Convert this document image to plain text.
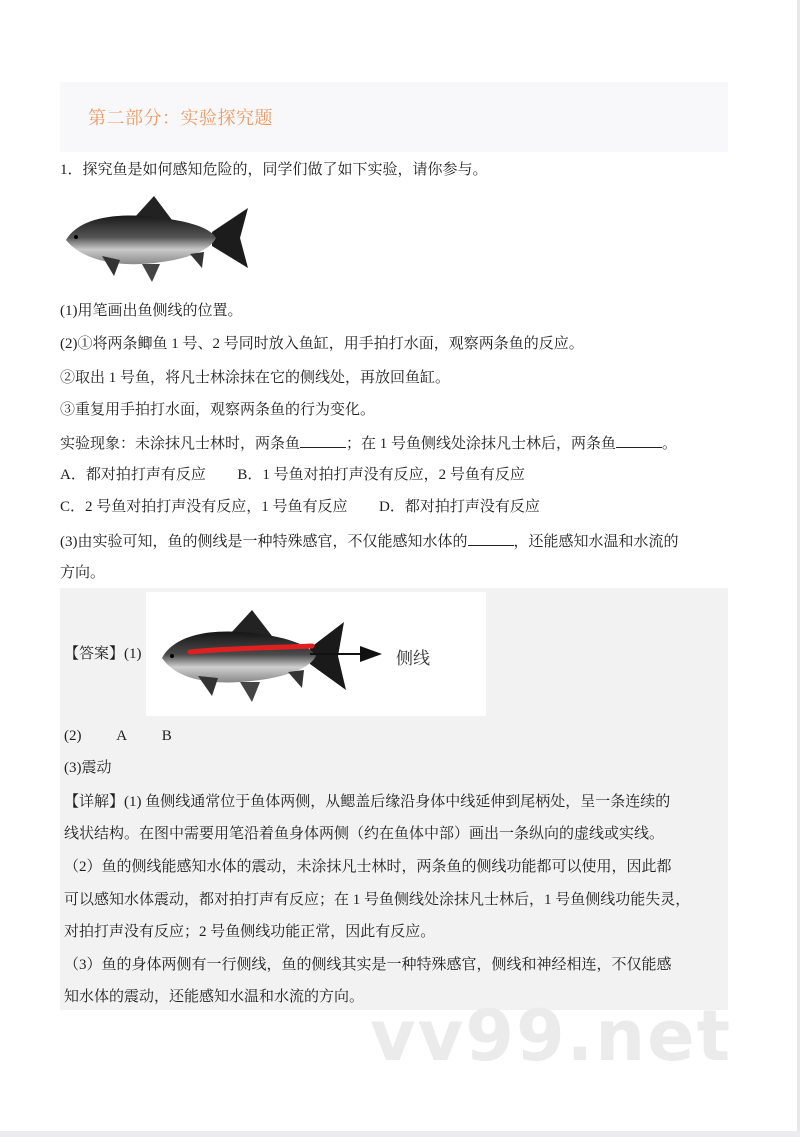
第二部分：实验探究题
1．探究鱼是如何感知危险的，同学们做了如下实验，请你参与。
(1)用笔画出鱼侧线的位置。
(2)①将两条鲫鱼 1 号、2 号同时放入鱼缸，用手拍打水面，观察两条鱼的反应。
②取出 1 号鱼，将凡士林涂抹在它的侧线处，再放回鱼缸。
③重复用手拍打水面，观察两条鱼的行为变化。
实验现象：未涂抹凡士林时，两条鱼	；在 1 号鱼侧线处涂抹凡士林后，两条鱼	。
A．都对拍打声有反应 B．1 号鱼对拍打声没有反应，2 号鱼有反应
C．2 号鱼对拍打声没有反应，1 号鱼有反应 D．都对拍打声没有反应
(3)由实验可知，鱼的侧线是一种特殊感官，不仅能感知水体的	，还能感知水温和水流的
方向。
【答案】(1)	侧线
(2) A B
(3)震动
【详解】(1) 鱼侧线通常位于鱼体两侧，从鳃盖后缘沿身体中线延伸到尾柄处，呈一条连续的
线状结构。在图中需要用笔沿着鱼身体两侧（约在鱼体中部）画出一条纵向的虚线或实线。
（2）鱼的侧线能感知水体的震动，未涂抹凡士林时，两条鱼的侧线功能都可以使用，因此都
可以感知水体震动，都对拍打声有反应；在 1 号鱼侧线处涂抹凡士林后，1 号鱼侧线功能失灵，
对拍打声没有反应；2 号鱼侧线功能正常，因此有反应。
（3）鱼的身体两侧有一行侧线，鱼的侧线其实是一种特殊感官，侧线和神经相连，不仅能感
知水体的震动，还能感知水温和水流的方向。 vv99.net
